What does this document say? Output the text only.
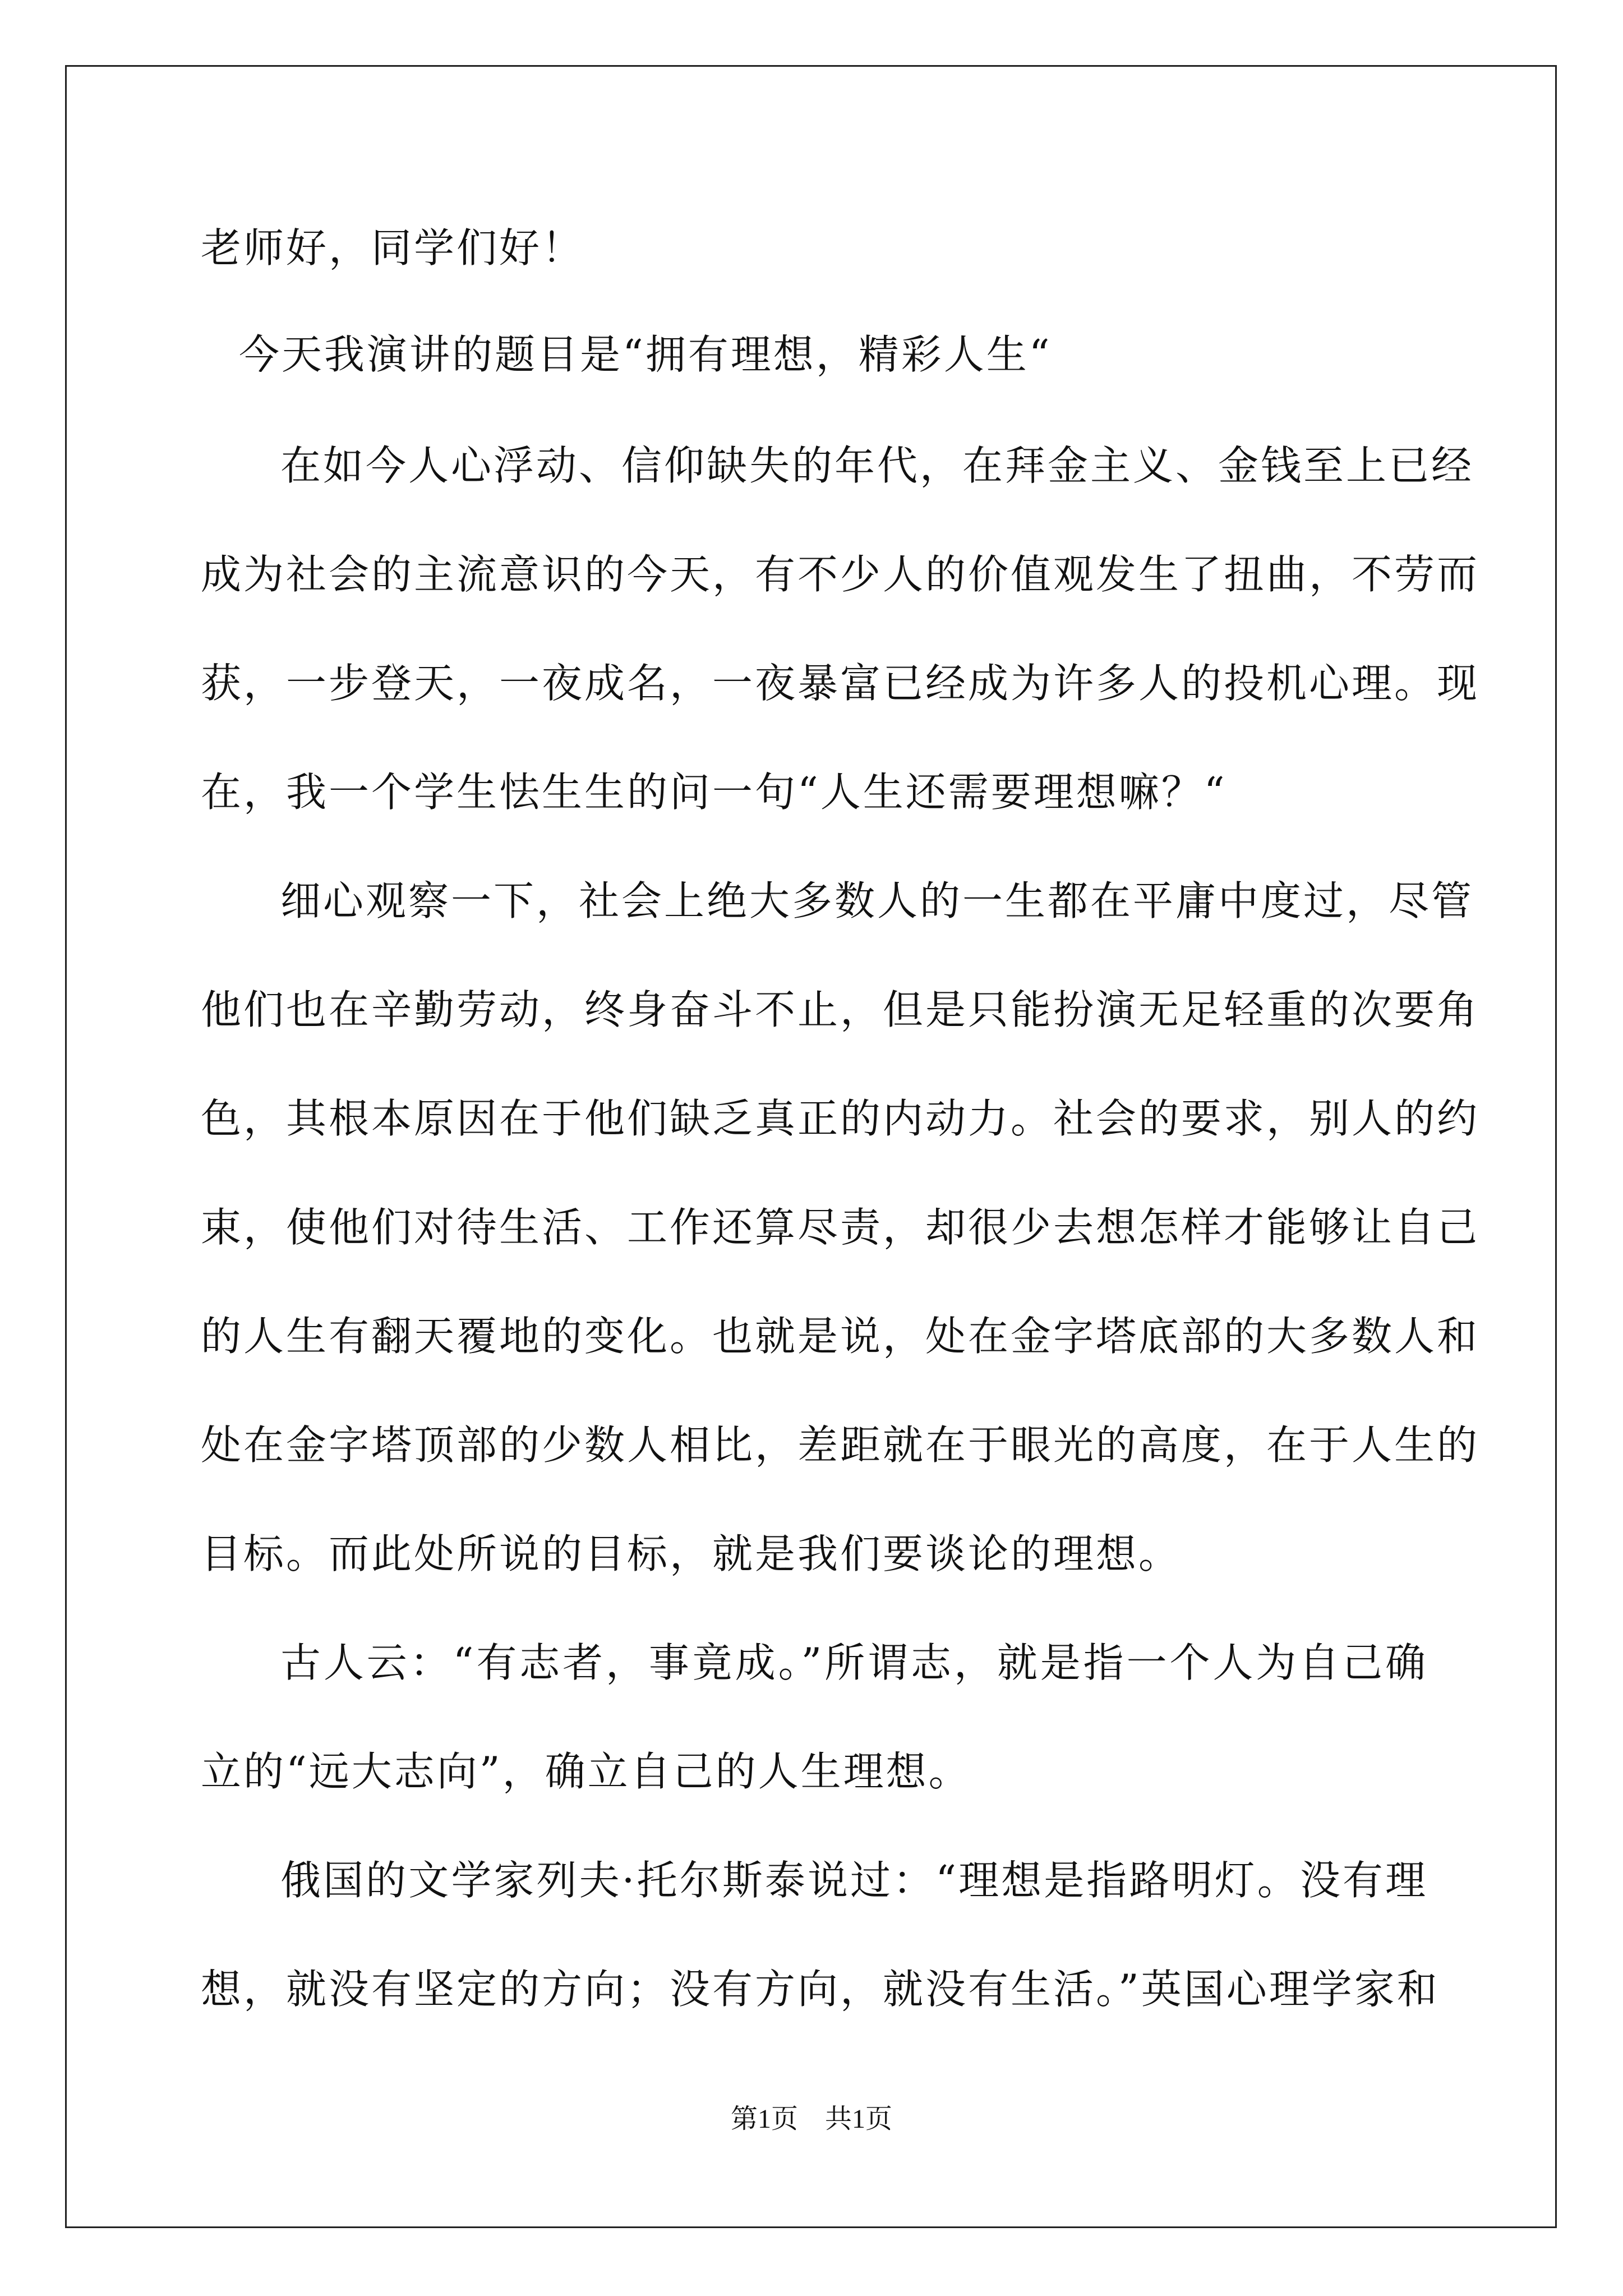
老师好，同学们好！
今天我演讲的题目是“拥有理想，精彩人生“
在如今人心浮动、信仰缺失的年代，在拜金主义、金钱至上已经
成为社会的主流意识的今天，有不少人的价值观发生了扭曲，不劳而
获，一步登天，一夜成名，一夜暴富已经成为许多人的投机心理。现
在，我一个学生怯生生的问一句“人生还需要理想嘛？“
细心观察一下，社会上绝大多数人的一生都在平庸中度过，尽管
他们也在辛勤劳动，终身奋斗不止，但是只能扮演无足轻重的次要角
色，其根本原因在于他们缺乏真正的内动力。社会的要求，别人的约
束，使他们对待生活、工作还算尽责，却很少去想怎样才能够让自己
的人生有翻天覆地的变化。也就是说，处在金字塔底部的大多数人和
处在金字塔顶部的少数人相比，差距就在于眼光的高度，在于人生的
目标。而此处所说的目标，就是我们要谈论的理想。
古人云：“有志者，事竟成。”所谓志，就是指一个人为自己确
立的“远大志向”，确立自己的人生理想。
俄国的文学家列夫·托尔斯泰说过：“理想是指路明灯。没有理
想，就没有坚定的方向；没有方向，就没有生活。”英国心理学家和
第1页　共1页
